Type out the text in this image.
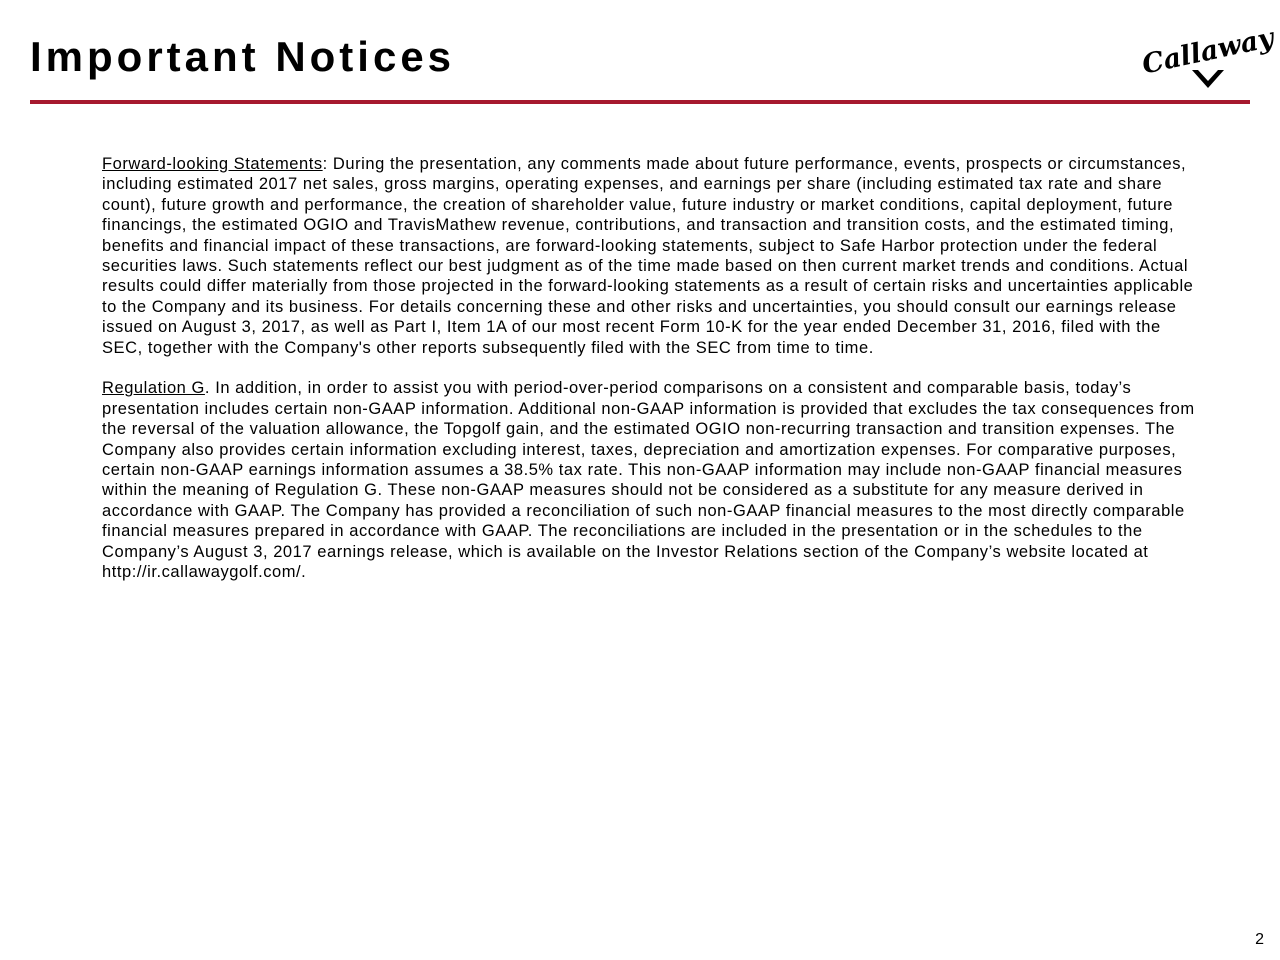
Important Notices	Callaway

Forward-looking Statements: During the presentation, any comments made about future performance, events, prospects or circumstances, including estimated 2017 net sales, gross margins, operating expenses, and earnings per share (including estimated tax rate and share count), future growth and performance, the creation of shareholder value, future industry or market conditions, capital deployment, future financings, the estimated OGIO and TravisMathew revenue, contributions, and transaction and transition costs, and the estimated timing, benefits and financial impact of these transactions, are forward-looking statements, subject to Safe Harbor protection under the federal securities laws. Such statements reflect our best judgment as of the time made based on then current market trends and conditions. Actual results could differ materially from those projected in the forward-looking statements as a result of certain risks and uncertainties applicable to the Company and its business. For details concerning these and other risks and uncertainties, you should consult our earnings release issued on August 3, 2017, as well as Part I, Item 1A of our most recent Form 10-K for the year ended December 31, 2016, filed with the SEC, together with the Company's other reports subsequently filed with the SEC from time to time.

Regulation G. In addition, in order to assist you with period-over-period comparisons on a consistent and comparable basis, today’s presentation includes certain non-GAAP information. Additional non-GAAP information is provided that excludes the tax consequences from the reversal of the valuation allowance, the Topgolf gain, and the estimated OGIO non-recurring transaction and transition expenses. The Company also provides certain information excluding interest, taxes, depreciation and amortization expenses. For comparative purposes, certain non-GAAP earnings information assumes a 38.5% tax rate. This non-GAAP information may include non-GAAP financial measures within the meaning of Regulation G. These non-GAAP measures should not be considered as a substitute for any measure derived in accordance with GAAP. The Company has provided a reconciliation of such non-GAAP financial measures to the most directly comparable financial measures prepared in accordance with GAAP. The reconciliations are included in the presentation or in the schedules to the Company’s August 3, 2017 earnings release, which is available on the Investor Relations section of the Company’s website located at http://ir.callawaygolf.com/.

2
